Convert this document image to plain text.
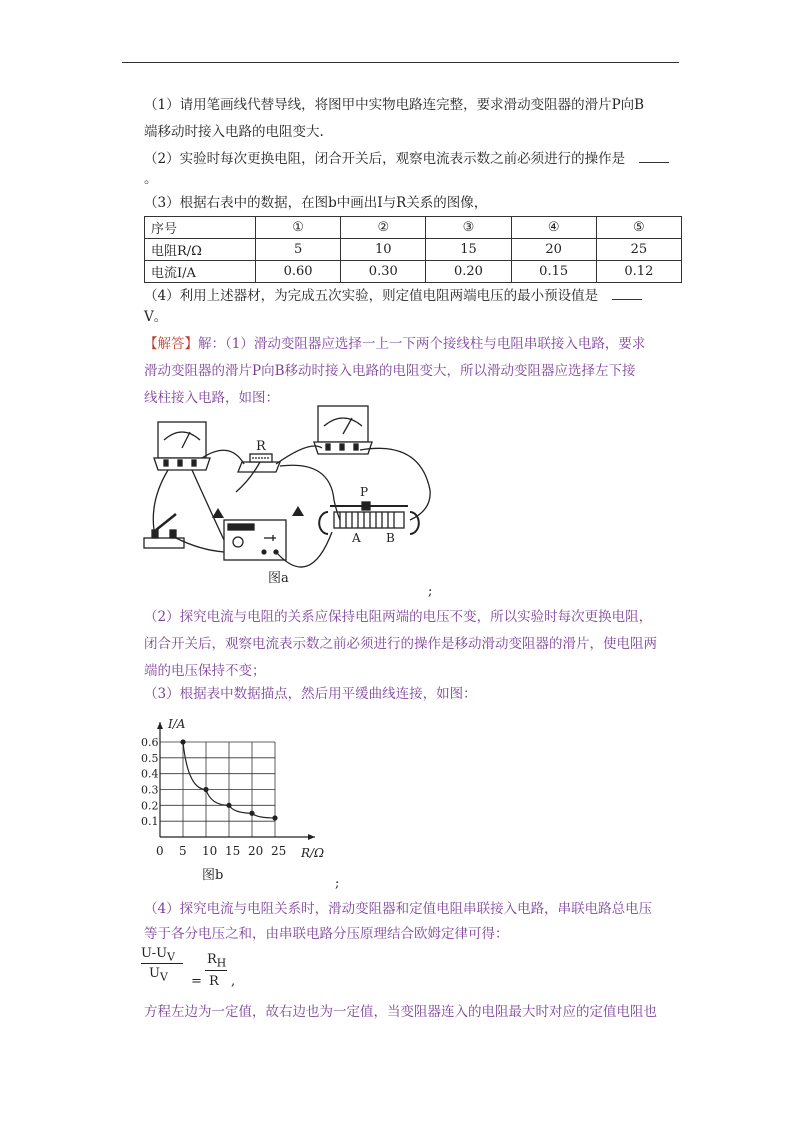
（1）请用笔画线代替导线，将图甲中实物电路连完整，要求滑动变阻器的滑片P向B
端移动时接入电路的电阻变大.
（2）实验时每次更换电阻，闭合开关后，观察电流表示数之前必须进行的操作是
。
（3）根据右表中的数据，在图b中画出I与R关系的图像，
序号	①	②	③	④	⑤
电阻R/Ω	5	10	15	20	25
电流I/A	0.60	0.30	0.20	0.15	0.12
（4）利用上述器材，为完成五次实验，则定值电阻两端电压的最小预设值是
V。
【解答】解：（1）滑动变阻器应选择一上一下两个接线柱与电阻串联接入电路，要求
滑动变阻器的滑片P向B移动时接入电路的电阻变大，所以滑动变阻器应选择左下接
线柱接入电路，如图：
R
P
A B
图a
;
（2）探究电流与电阻的关系应保持电阻两端的电压不变，所以实验时每次更换电阻，
闭合开关后，观察电流表示数之前必须进行的操作是移动滑动变阻器的滑片，使电阻两
端的电压保持不变；
（3）根据表中数据描点，然后用平缓曲线连接，如图：
0 5 10 15 20 25
0.1
0.2
0.3
0.4
0.5
0.6
I/A
R/Ω
图b
;
（4）探究电流与电阻关系时，滑动变阻器和定值电阻串联接入电路，串联电路总电压
等于各分电压之和，由串联电路分压原理结合欧姆定律可得：
$U-U_V$
$U_V$ =
$R_H$
R ,
方程左边为一定值，故右边也为一定值，当变阻器连入的电阻最大时对应的定值电阻也
